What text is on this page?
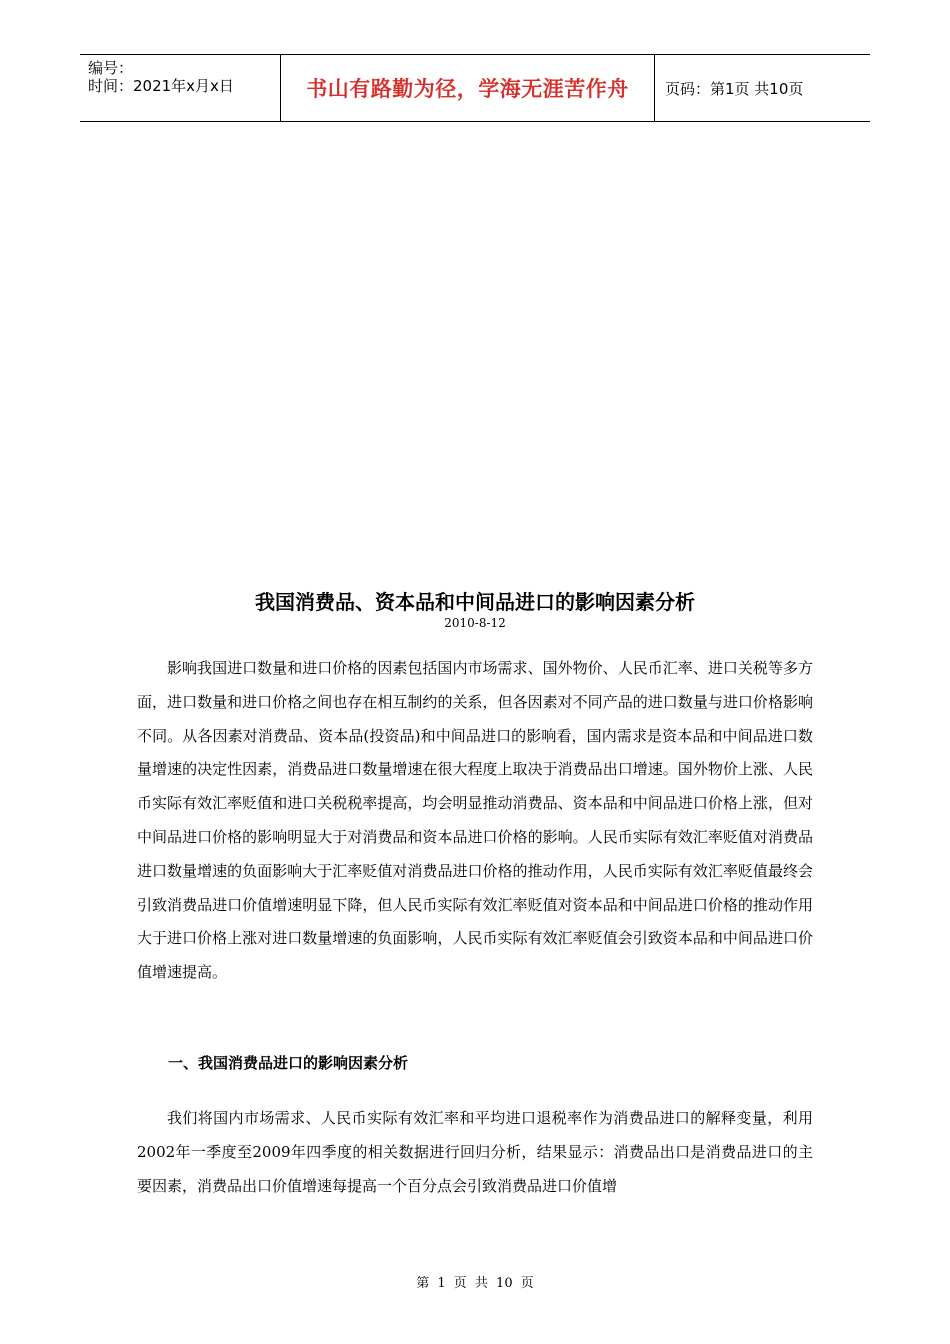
编号：
时间：2021年x月x日	书山有路勤为径，学海无涯苦作舟	页码：第1页 共10页
我国消费品、资本品和中间品进口的影响因素分析
2010-8-12

影响我国进口数量和进口价格的因素包括国内市场需求、国外物价、人民币汇率、进口关税等多方面，进口数量和进口价格之间也存在相互制约的关系，但各因素对不同产品的进口数量与进口价格影响不同。从各因素对消费品、资本品(投资品)和中间品进口的影响看，国内需求是资本品和中间品进口数量增速的决定性因素，消费品进口数量增速在很大程度上取决于消费品出口增速。国外物价上涨、人民币实际有效汇率贬值和进口关税税率提高，均会明显推动消费品、资本品和中间品进口价格上涨，但对中间品进口价格的影响明显大于对消费品和资本品进口价格的影响。人民币实际有效汇率贬值对消费品进口数量增速的负面影响大于汇率贬值对消费品进口价格的推动作用，人民币实际有效汇率贬值最终会引致消费品进口价值增速明显下降，但人民币实际有效汇率贬值对资本品和中间品进口价格的推动作用大于进口价格上涨对进口数量增速的负面影响，人民币实际有效汇率贬值会引致资本品和中间品进口价值增速提高。

一、我国消费品进口的影响因素分析

我们将国内市场需求、人民币实际有效汇率和平均进口退税率作为消费品进口的解释变量，利用2002年一季度至2009年四季度的相关数据进行回归分析，结果显示：消费品出口是消费品进口的主要因素，消费品出口价值增速每提高一个百分点会引致消费品进口价值增

第 1 页 共 10 页
